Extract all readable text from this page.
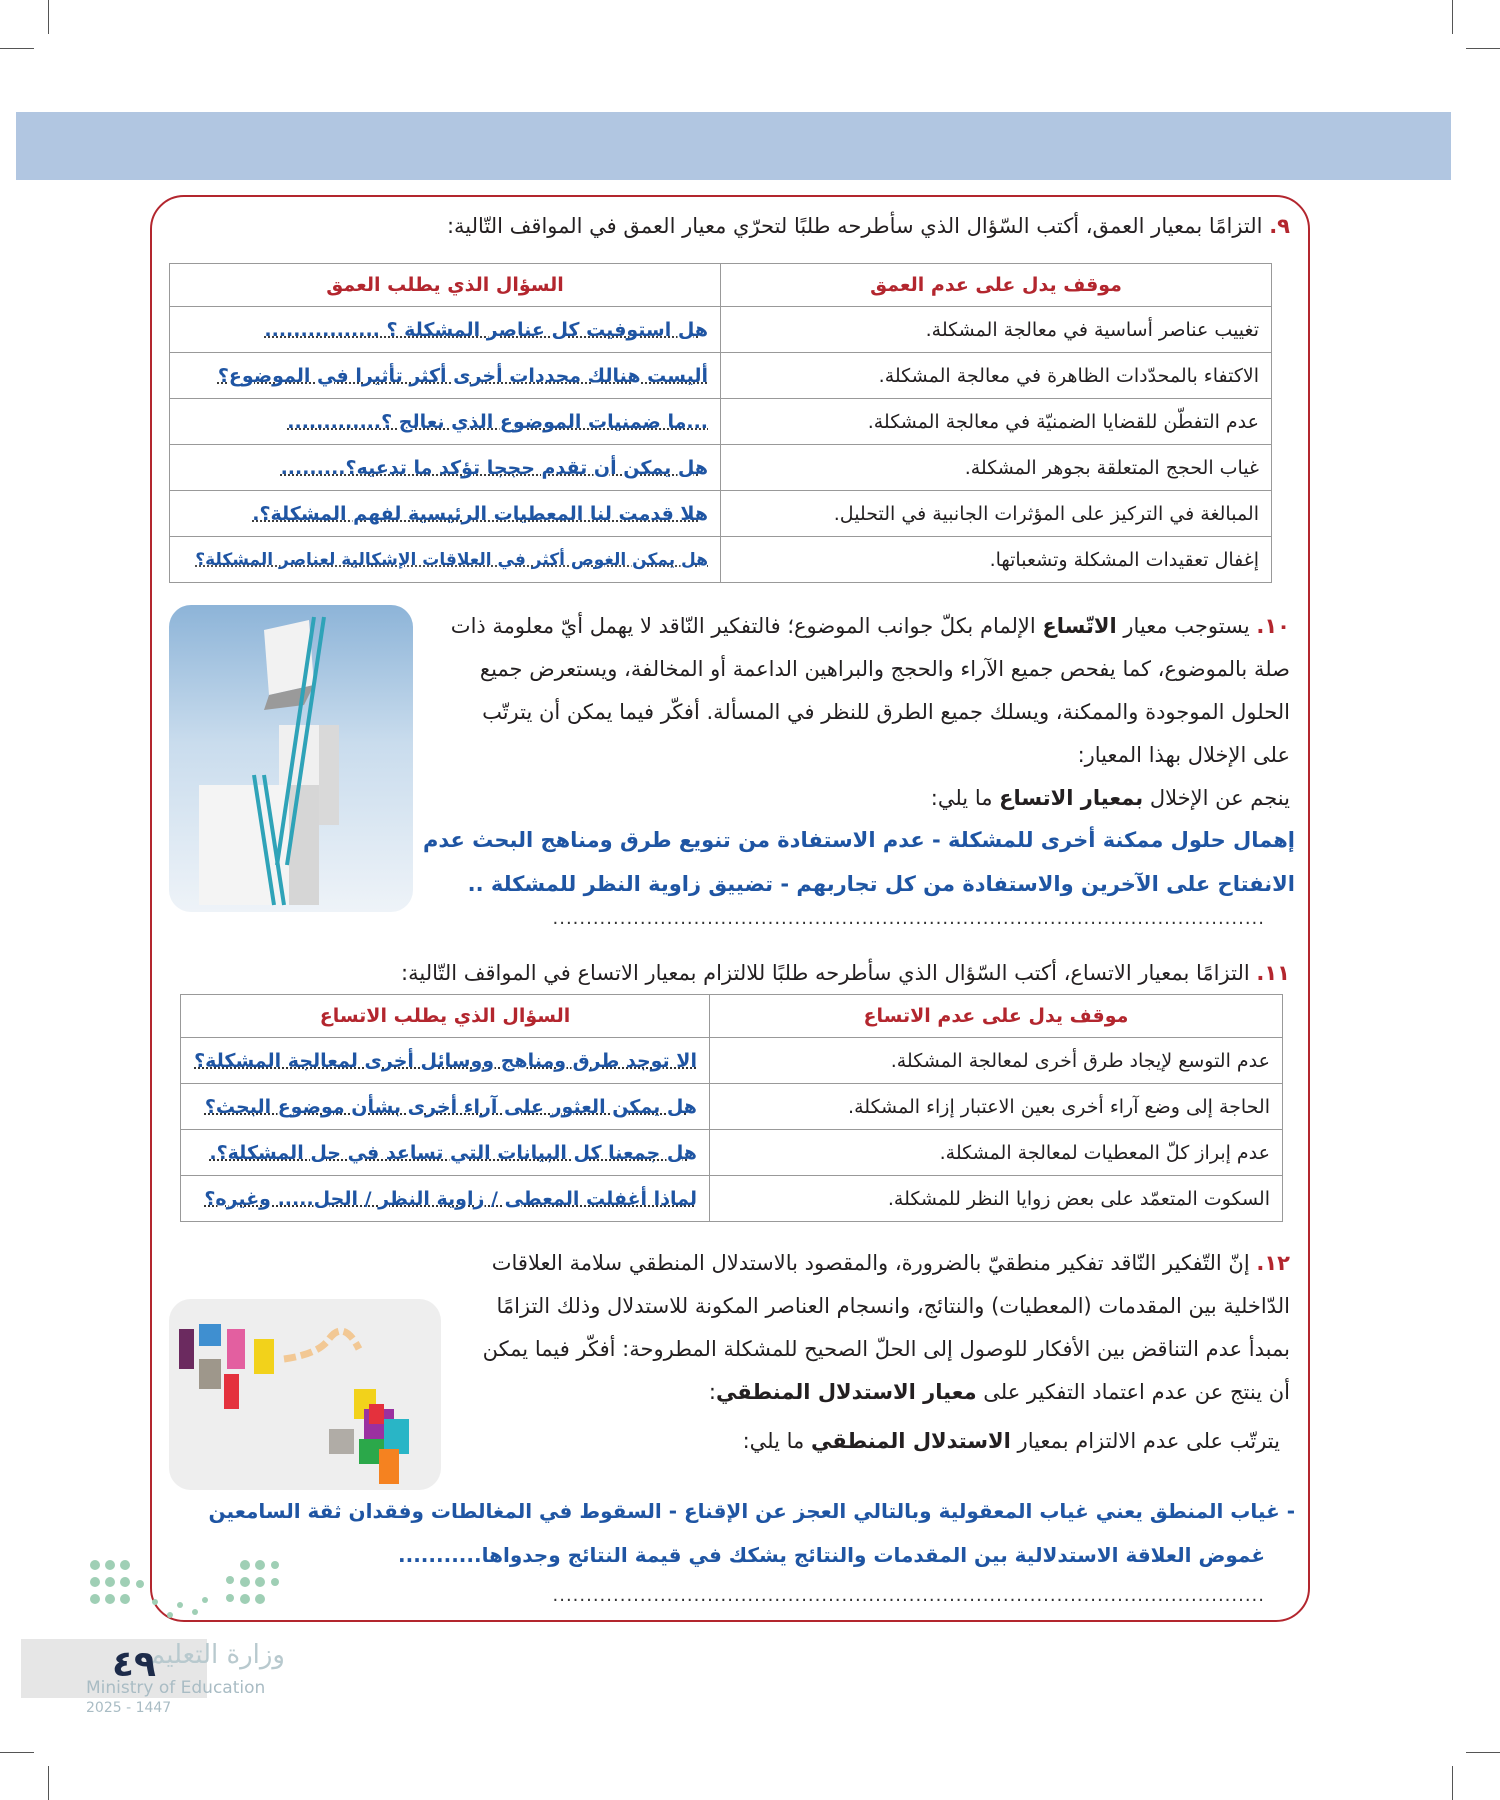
٩. التزامًا بمعيار العمق، أكتب السّؤال الذي سأطرحه طلبًا لتحرّي معيار العمق في المواقف التّالية:
موقف يدل على عدم العمق	السؤال الذي يطلب العمق
تغييب عناصر أساسية في معالجة المشكلة.	هل استوفيت كل عناصر المشكلة ؟ ................
الاكتفاء بالمحدّدات الظاهرة في معالجة المشكلة.	أليست هنالك محددات أخرى أكثر تأثيرا في الموضوع؟
عدم التفطّن للقضايا الضمنيّة في معالجة المشكلة.	...ما ضمنيات الموضوع الذي نعالج ؟.............
غياب الحجج المتعلقة بجوهر المشكلة.	هل يمكن أن تقدم حججا تؤكد ما تدعيه؟.........
المبالغة في التركيز على المؤثرات الجانبية في التحليل.	هلا قدمت لنا المعطيات الرئيسية لفهم المشكلة؟.
إغفال تعقيدات المشكلة وتشعباتها.	هل يمكن الغوص أكثر في العلاقات الإشكالية لعناصر المشكلة؟
١٠. يستوجب معيار الاتّساع الإلمام بكلّ جوانب الموضوع؛ فالتفكير النّاقد لا يهمل أيّ معلومة ذات صلة بالموضوع، كما يفحص جميع الآراء والحجج والبراهين الداعمة أو المخالفة، ويستعرض جميع الحلول الموجودة والممكنة، ويسلك جميع الطرق للنظر في المسألة. أفكّر فيما يمكن أن يترتّب على الإخلال بهذا المعيار:
ينجم عن الإخلال بمعيار الاتساع ما يلي:
إهمال حلول ممكنة أخرى للمشكلة - عدم الاستفادة من تنويع طرق ومناهج البحث عدم الانفتاح على الآخرين والاستفادة من كل تجاربهم - تضييق زاوية النظر للمشكلة ..
..........................................................................................................
١١. التزامًا بمعيار الاتساع، أكتب السّؤال الذي سأطرحه طلبًا للالتزام بمعيار الاتساع في المواقف التّالية:
موقف يدل على عدم الاتساع	السؤال الذي يطلب الاتساع
عدم التوسع لإيجاد طرق أخرى لمعالجة المشكلة.	الا توجد طرق ومناهج ووسائل أخرى لمعالجة المشكلة؟
الحاجة إلى وضع آراء أخرى بعين الاعتبار إزاء المشكلة.	هل يمكن العثور على آراء أخرى بشأن موضوع البحث؟
عدم إبراز كلّ المعطيات لمعالجة المشكلة.	هل جمعنا كل البيانات التي تساعد في حل المشكلة؟.
السكوت المتعمّد على بعض زوايا النظر للمشكلة.	لماذا أغفلت المعطى / زاوية النظر / الحل..... وغيره؟
١٢. إنّ التّفكير النّاقد تفكير منطقيّ بالضرورة، والمقصود بالاستدلال المنطقي سلامة العلاقات الدّاخلية بين المقدمات (المعطيات) والنتائج، وانسجام العناصر المكونة للاستدلال وذلك التزامًا بمبدأ عدم التناقض بين الأفكار للوصول إلى الحلّ الصحيح للمشكلة المطروحة: أفكّر فيما يمكن أن ينتج عن عدم اعتماد التفكير على معيار الاستدلال المنطقي:
يترتّب على عدم الالتزام بمعيار الاستدلال المنطقي ما يلي:
- غياب المنطق يعني غياب المعقولية وبالتالي العجز عن الإقناع - السقوط في المغالطات وفقدان ثقة السامعين
غموض العلاقة الاستدلالية بين المقدمات والنتائج يشكك في قيمة النتائج وجدواها...........
..........................................................................................................
وزارة التعليم
٤٩
Ministry of Education
2025 - 1447
